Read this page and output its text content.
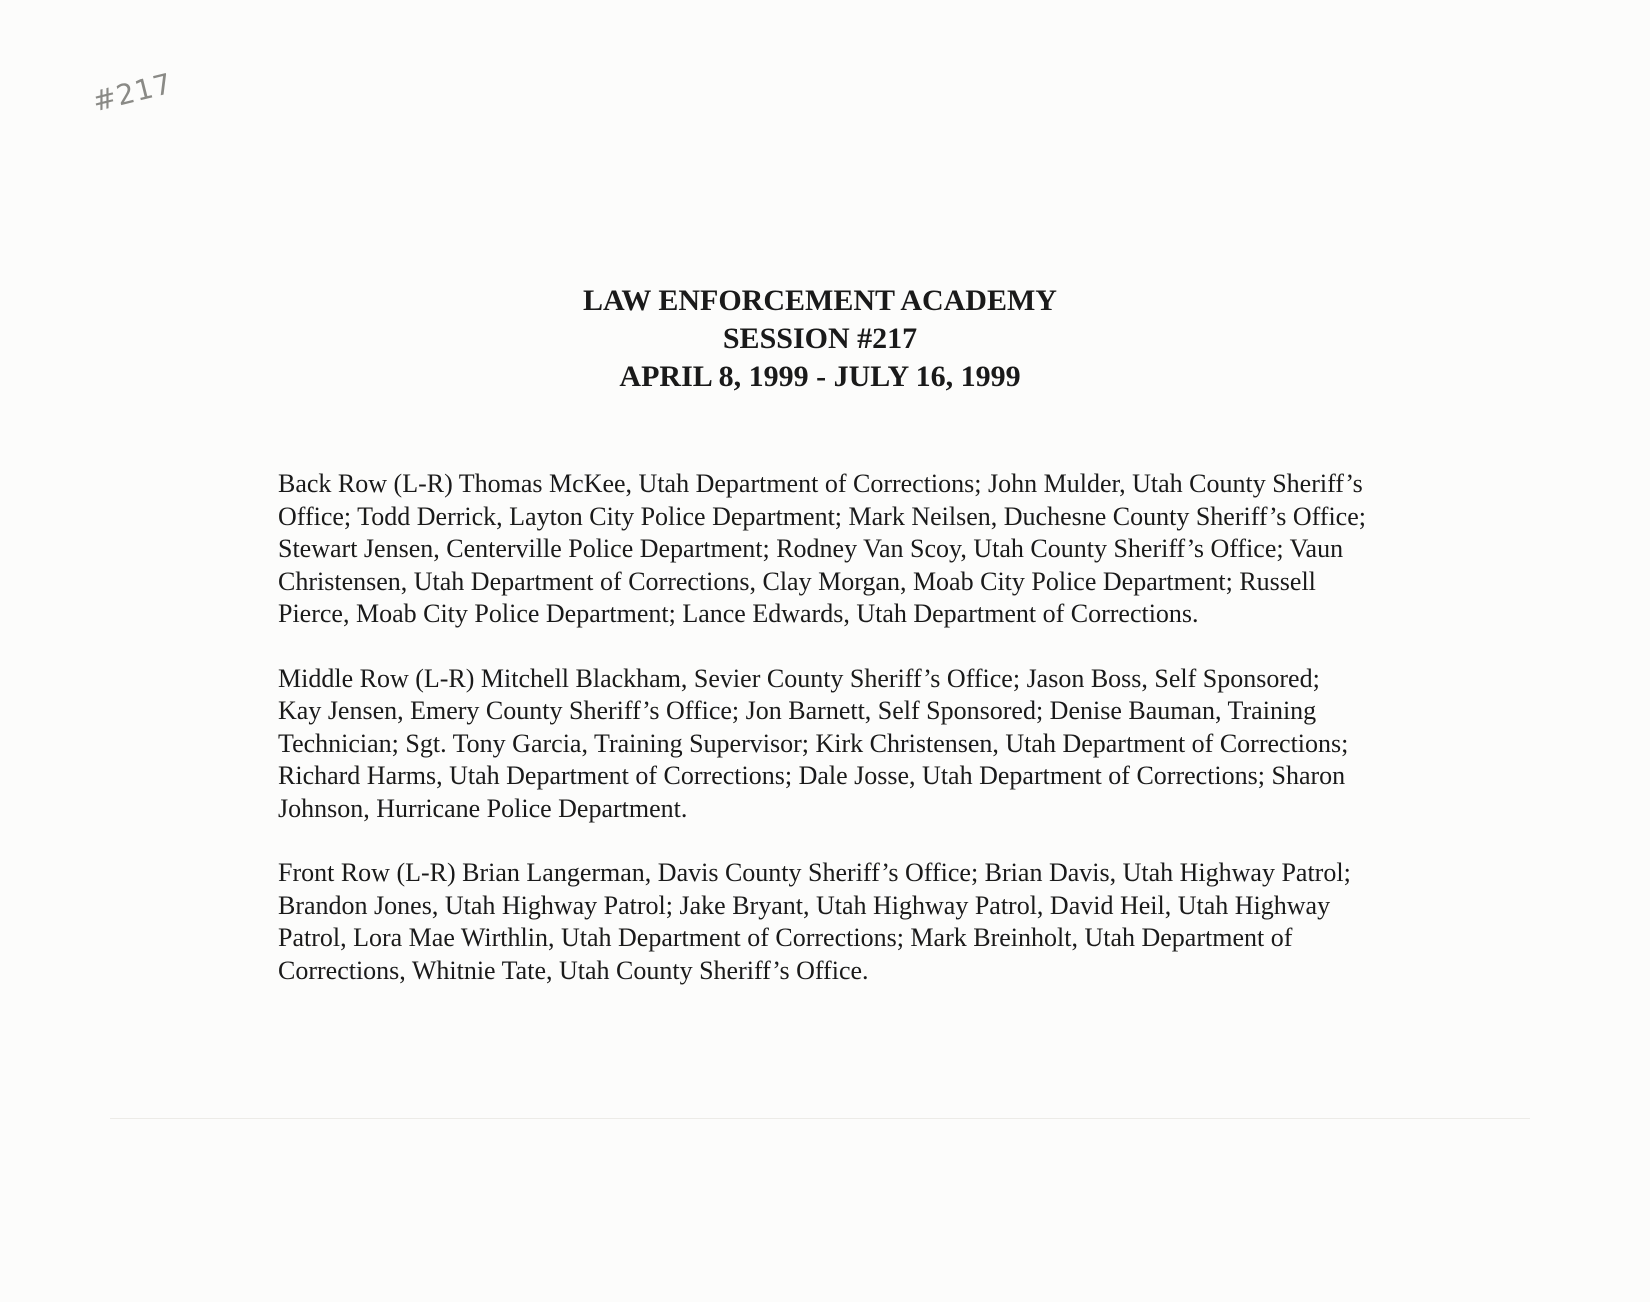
#217
LAW ENFORCEMENT ACADEMY
SESSION #217
APRIL 8, 1999 - JULY 16, 1999

Back Row (L-R) Thomas McKee, Utah Department of Corrections; John Mulder, Utah County Sheriff’s Office; Todd Derrick, Layton City Police Department; Mark Neilsen, Duchesne County Sheriff’s Office; Stewart Jensen, Centerville Police Department; Rodney Van Scoy, Utah County Sheriff’s Office; Vaun Christensen, Utah Department of Corrections, Clay Morgan, Moab City Police Department; Russell Pierce, Moab City Police Department; Lance Edwards, Utah Department of Corrections.

Middle Row (L-R) Mitchell Blackham, Sevier County Sheriff’s Office; Jason Boss, Self Sponsored; Kay Jensen, Emery County Sheriff’s Office; Jon Barnett, Self Sponsored; Denise Bauman, Training Technician; Sgt. Tony Garcia, Training Supervisor; Kirk Christensen, Utah Department of Corrections; Richard Harms, Utah Department of Corrections; Dale Josse, Utah Department of Corrections; Sharon Johnson, Hurricane Police Department.

Front Row (L-R) Brian Langerman, Davis County Sheriff’s Office; Brian Davis, Utah Highway Patrol; Brandon Jones, Utah Highway Patrol; Jake Bryant, Utah Highway Patrol, David Heil, Utah Highway Patrol, Lora Mae Wirthlin, Utah Department of Corrections; Mark Breinholt, Utah Department of Corrections, Whitnie Tate, Utah County Sheriff’s Office.
